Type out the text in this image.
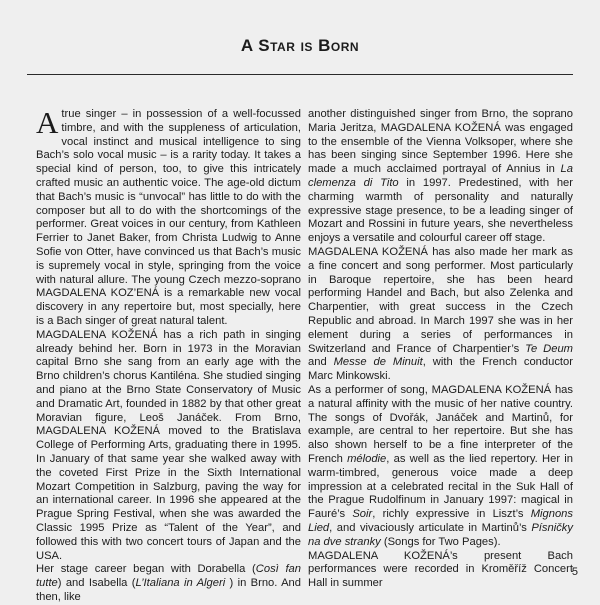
A Star is Born

A true singer – in possession of a well-focussed timbre, and with the suppleness of articulation, vocal instinct and musical intelligence to sing Bach’s solo vocal music – is a rarity today. It takes a special kind of person, too, to give this intricately crafted music an authentic voice. The age-old dictum that Bach’s music is “unvocal” has little to do with the composer but all to do with the shortcomings of the performer. Great voices in our century, from Kathleen Ferrier to Janet Baker, from Christa Ludwig to Anne Sofie von Otter, have convinced us that Bach’s music is supremely vocal in style, springing from the voice with natural allure. The young Czech mezzo-soprano MAGDALENA KOZ’ENÁ is a remarkable new vocal discovery in any repertoire but, most specially, here is a Bach singer of great natural talent.

MAGDALENA KOŽENÁ has a rich path in singing already behind her. Born in 1973 in the Moravian capital Brno she sang from an early age with the Brno children’s chorus Kantiléna. She studied singing and piano at the Brno State Conservatory of Music and Dramatic Art, founded in 1882 by that other great Moravian figure, Leoš Janáček. From Brno, MAGDALENA KOŽENÁ moved to the Bratislava College of Performing Arts, graduating there in 1995. In January of that same year she walked away with the coveted First Prize in the Sixth International Mozart Competition in Salzburg, paving the way for an international career. In 1996 she appeared at the Prague Spring Festival, when she was awarded the Classic 1995 Prize as “Talent of the Year”, and followed this with two concert tours of Japan and the USA.

Her stage career began with Dorabella (Così fan tutte) and Isabella (L’Italiana in Algeri ) in Brno. And then, like

another distinguished singer from Brno, the soprano Maria Jeritza, MAGDALENA KOŽENÁ was engaged to the ensemble of the Vienna Volksoper, where she has been singing since September 1996. Here she made a much acclaimed portrayal of Annius in La clemenza di Tito in 1997. Predestined, with her charming warmth of personality and naturally expressive stage presence, to be a leading singer of Mozart and Rossini in future years, she nevertheless enjoys a versatile and colourful career off stage.

MAGDALENA KOŽENÁ has also made her mark as a fine concert and song performer. Most particularly in Baroque repertoire, she has been heard performing Handel and Bach, but also Zelenka and Charpentier, with great success in the Czech Republic and abroad. In March 1997 she was in her element during a series of performances in Switzerland and France of Charpentier’s Te Deum and Messe de Minuit, with the French conductor Marc Minkowski.

As a performer of song, MAGDALENA KOŽENÁ has a natural affinity with the music of her native country. The songs of Dvořák, Janáček and Martinů, for example, are central to her repertoire. But she has also shown herself to be a fine interpreter of the French mélodie, as well as the lied repertory. Her in warm-timbred, generous voice made a deep impression at a celebrated recital in the Suk Hall of the Prague Rudolfinum in January 1997: magical in Fauré’s Soir, richly expressive in Liszt’s Mignons Lied, and vivaciously articulate in Martinů’s Písničky na dve stranky (Songs for Two Pages).

MAGDALENA KOŽENÁ’s present Bach performances were recorded in Kroměříž Concert Hall in summer

5
